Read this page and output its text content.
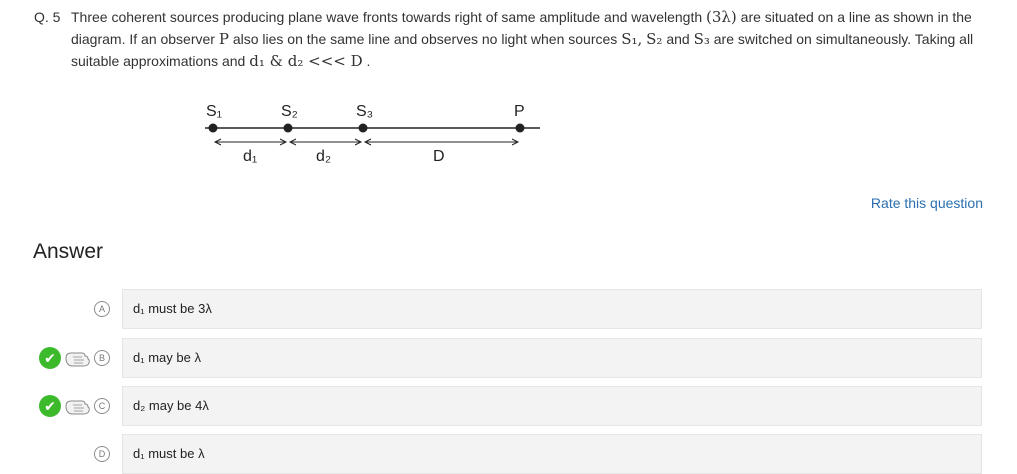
Q. 5 Three coherent sources producing plane wave fronts towards right of same amplitude and wavelength (3λ) are situated on a line as shown in the diagram. If an observer P also lies on the same line and observes no light when sources S₁, S₂ and S₃ are switched on simultaneously. Taking all suitable approximations and d₁ & d₂ <<< D .
S₁	S₂	S₃	P
d₁	d₂	D
Rate this question
Answer
A	d₁ must be 3λ
✔	B	d₁ may be λ
✔	C	d₂ may be 4λ
D	d₁ must be λ
